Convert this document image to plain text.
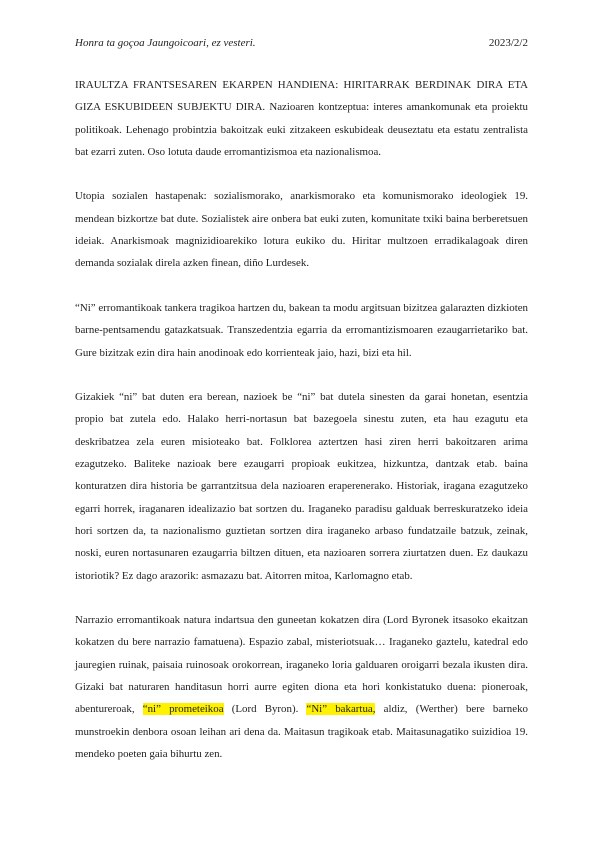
Honra ta goçoa Jaungoicoari, ez vesteri.	2023/2/2

IRAULTZA FRANTSESAREN EKARPEN HANDIENA: HIRITARRAK BERDINAK DIRA ETA GIZA ESKUBIDEEN SUBJEKTU DIRA. Nazioaren kontzeptua: interes amankomunak eta proiektu politikoak. Lehenago probintzia bakoitzak euki zitzakeen eskubideak deuseztatu eta estatu zentralista bat ezarri zuten. Oso lotuta daude erromantizismoa eta nazionalismoa.

Utopia sozialen hastapenak: sozialismorako, anarkismorako eta komunismorako ideologiek 19. mendean bizkortze bat dute. Sozialistek aire onbera bat euki zuten, komunitate txiki baina berberetsuen ideiak. Anarkismoak magnizidioarekiko lotura eukiko du. Hiritar multzoen erradikalagoak diren demanda sozialak direla azken finean, diño Lurdesek.

“Ni” erromantikoak tankera tragikoa hartzen du, bakean ta modu argitsuan bizitzea galarazten dizkioten barne-pentsamendu gatazkatsuak. Transzedentzia egarria da erromantizismoaren ezaugarrietariko bat. Gure bizitzak ezin dira hain anodinoak edo korrienteak jaio, hazi, bizi eta hil.

Gizakiek “ni” bat duten era berean, nazioek be “ni” bat dutela sinesten da garai honetan, esentzia propio bat zutela edo. Halako herri-nortasun bat bazegoela sinestu zuten, eta hau ezagutu eta deskribatzea zela euren misioteako bat. Folklorea aztertzen hasi ziren herri bakoitzaren arima ezagutzeko. Baliteke nazioak bere ezaugarri propioak eukitzea, hizkuntza, dantzak etab. baina konturatzen dira historia be garrantzitsua dela nazioaren eraperenerako. Historiak, iragana ezagutzeko egarri horrek, iraganaren idealizazio bat sortzen du. Iraganeko paradisu galduak berreskuratzeko ideia hori sortzen da, ta nazionalismo guztietan sortzen dira iraganeko arbaso fundatzaile batzuk, zeinak, noski, euren nortasunaren ezaugarria biltzen dituen, eta nazioaren sorrera ziurtatzen duen. Ez daukazu istoriotik? Ez dago arazorik: asmazazu bat. Aitorren mitoa, Karlomagno etab.

Narrazio erromantikoak natura indartsua den guneetan kokatzen dira (Lord Byronek itsasoko ekaitzan kokatzen du bere narrazio famatuena). Espazio zabal, misteriotsuak… Iraganeko gaztelu, katedral edo jauregien ruinak, paisaia ruinosoak orokorrean, iraganeko loria galduaren oroigarri bezala ikusten dira. Gizaki bat naturaren handitasun horri aurre egiten diona eta hori konkistatuko duena: pioneroak, abentureroak, “ni” prometeikoa (Lord Byron). “Ni” bakartua, aldiz, (Werther) bere barneko munstroekin denbora osoan leihan ari dena da. Maitasun tragikoak etab. Maitasunagatiko suizidioa 19. mendeko poeten gaia bihurtu zen.
